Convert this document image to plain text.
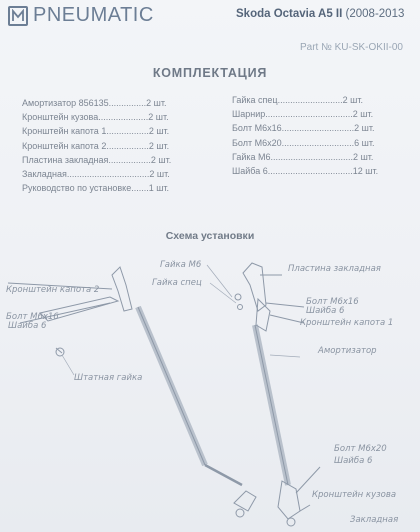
PNEUMATIC	Skoda Octavia A5 II (2008-2013
Part № KU-SK-OKII-00
КОМПЛЕКТАЦИЯ
Амортизатор 856135...............2 шт.
Кронштейн кузова....................2 шт.
Кронштейн капота 1.................2 шт.
Кронштейн капота 2.................2 шт.
Пластина закладная.................2 шт.
Закладная.................................2 шт.
Руководство по установке.......1 шт.
Гайка спец..........................2 шт.
Шарнир...................................2 шт.
Болт М6х16.............................2 шт.
Болт М6х20.............................6 шт.
Гайка М6.................................2 шт.
Шайба 6..................................12 шт.
Схема установки
Кронштейн капота 2
Болт М6х16
Шайба 6
Штатная гайка
Гайка М6
Гайка спец
Пластина закладная
Болт М6х16
Шайба 6
Кронштейн капота 1
Амортизатор
Болт М6х20
Шайба 6
Кронштейн кузова
Закладная
